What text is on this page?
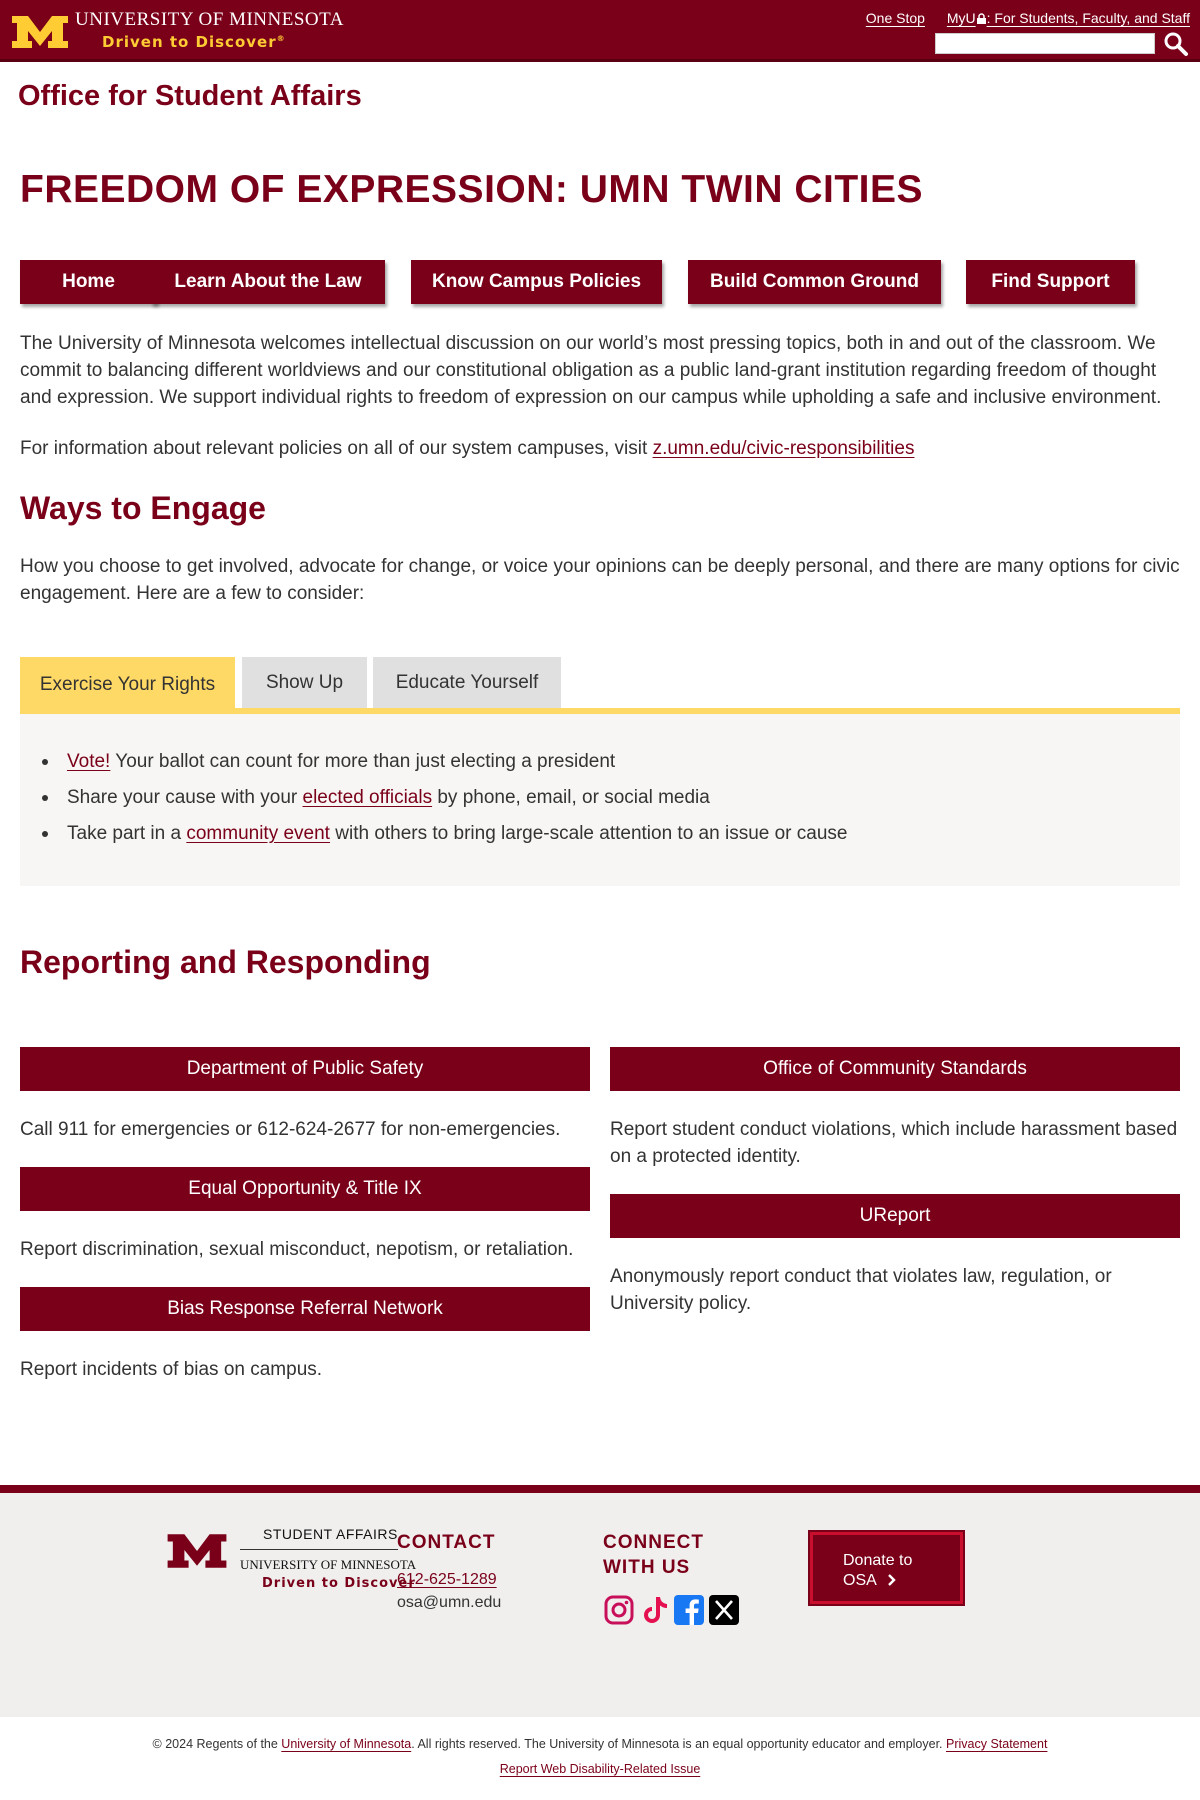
UNIVERSITY OF MINNESOTA
Driven to Discover®
One Stop MyU : For Students, Faculty, and Staff
Office for Student Affairs
FREEDOM OF EXPRESSION: UMN TWIN CITIES
Home	Learn About the Law	Know Campus Policies	Build Common Ground	Find Support

The University of Minnesota welcomes intellectual discussion on our world’s most pressing topics, both in and out of the classroom. We commit to balancing different worldviews and our constitutional obligation as a public land-grant institution regarding freedom of thought and expression. We support individual rights to freedom of expression on our campus while upholding a safe and inclusive environment.

For information about relevant policies on all of our system campuses, visit z.umn.edu/civic-responsibilities

Ways to Engage

How you choose to get involved, advocate for change, or voice your opinions can be deeply personal, and there are many options for civic engagement. Here are a few to consider:

Exercise Your Rights	Show Up	Educate Yourself
Vote! Your ballot can count for more than just electing a president
Share your cause with your elected officials by phone, email, or social media
Take part in a community event with others to bring large-scale attention to an issue or cause
Reporting and Responding
Department of Public Safety

Call 911 for emergencies or 612-624-2677 for non-emergencies.

Equal Opportunity & Title IX

Report discrimination, sexual misconduct, nepotism, or retaliation.

Bias Response Referral Network

Report incidents of bias on campus.

Office of Community Standards

Report student conduct violations, which include harassment based on a protected identity.

UReport

Anonymously report conduct that violates law, regulation, or University policy.

STUDENT AFFAIRS
UNIVERSITY OF MINNESOTA
Driven to Discover
CONTACT
612-625-1289
osa@umn.edu
CONNECT
WITH US	Donate to
OSA
© 2024 Regents of the University of Minnesota. All rights reserved. The University of Minnesota is an equal opportunity educator and employer. Privacy Statement
Report Web Disability-Related Issue
